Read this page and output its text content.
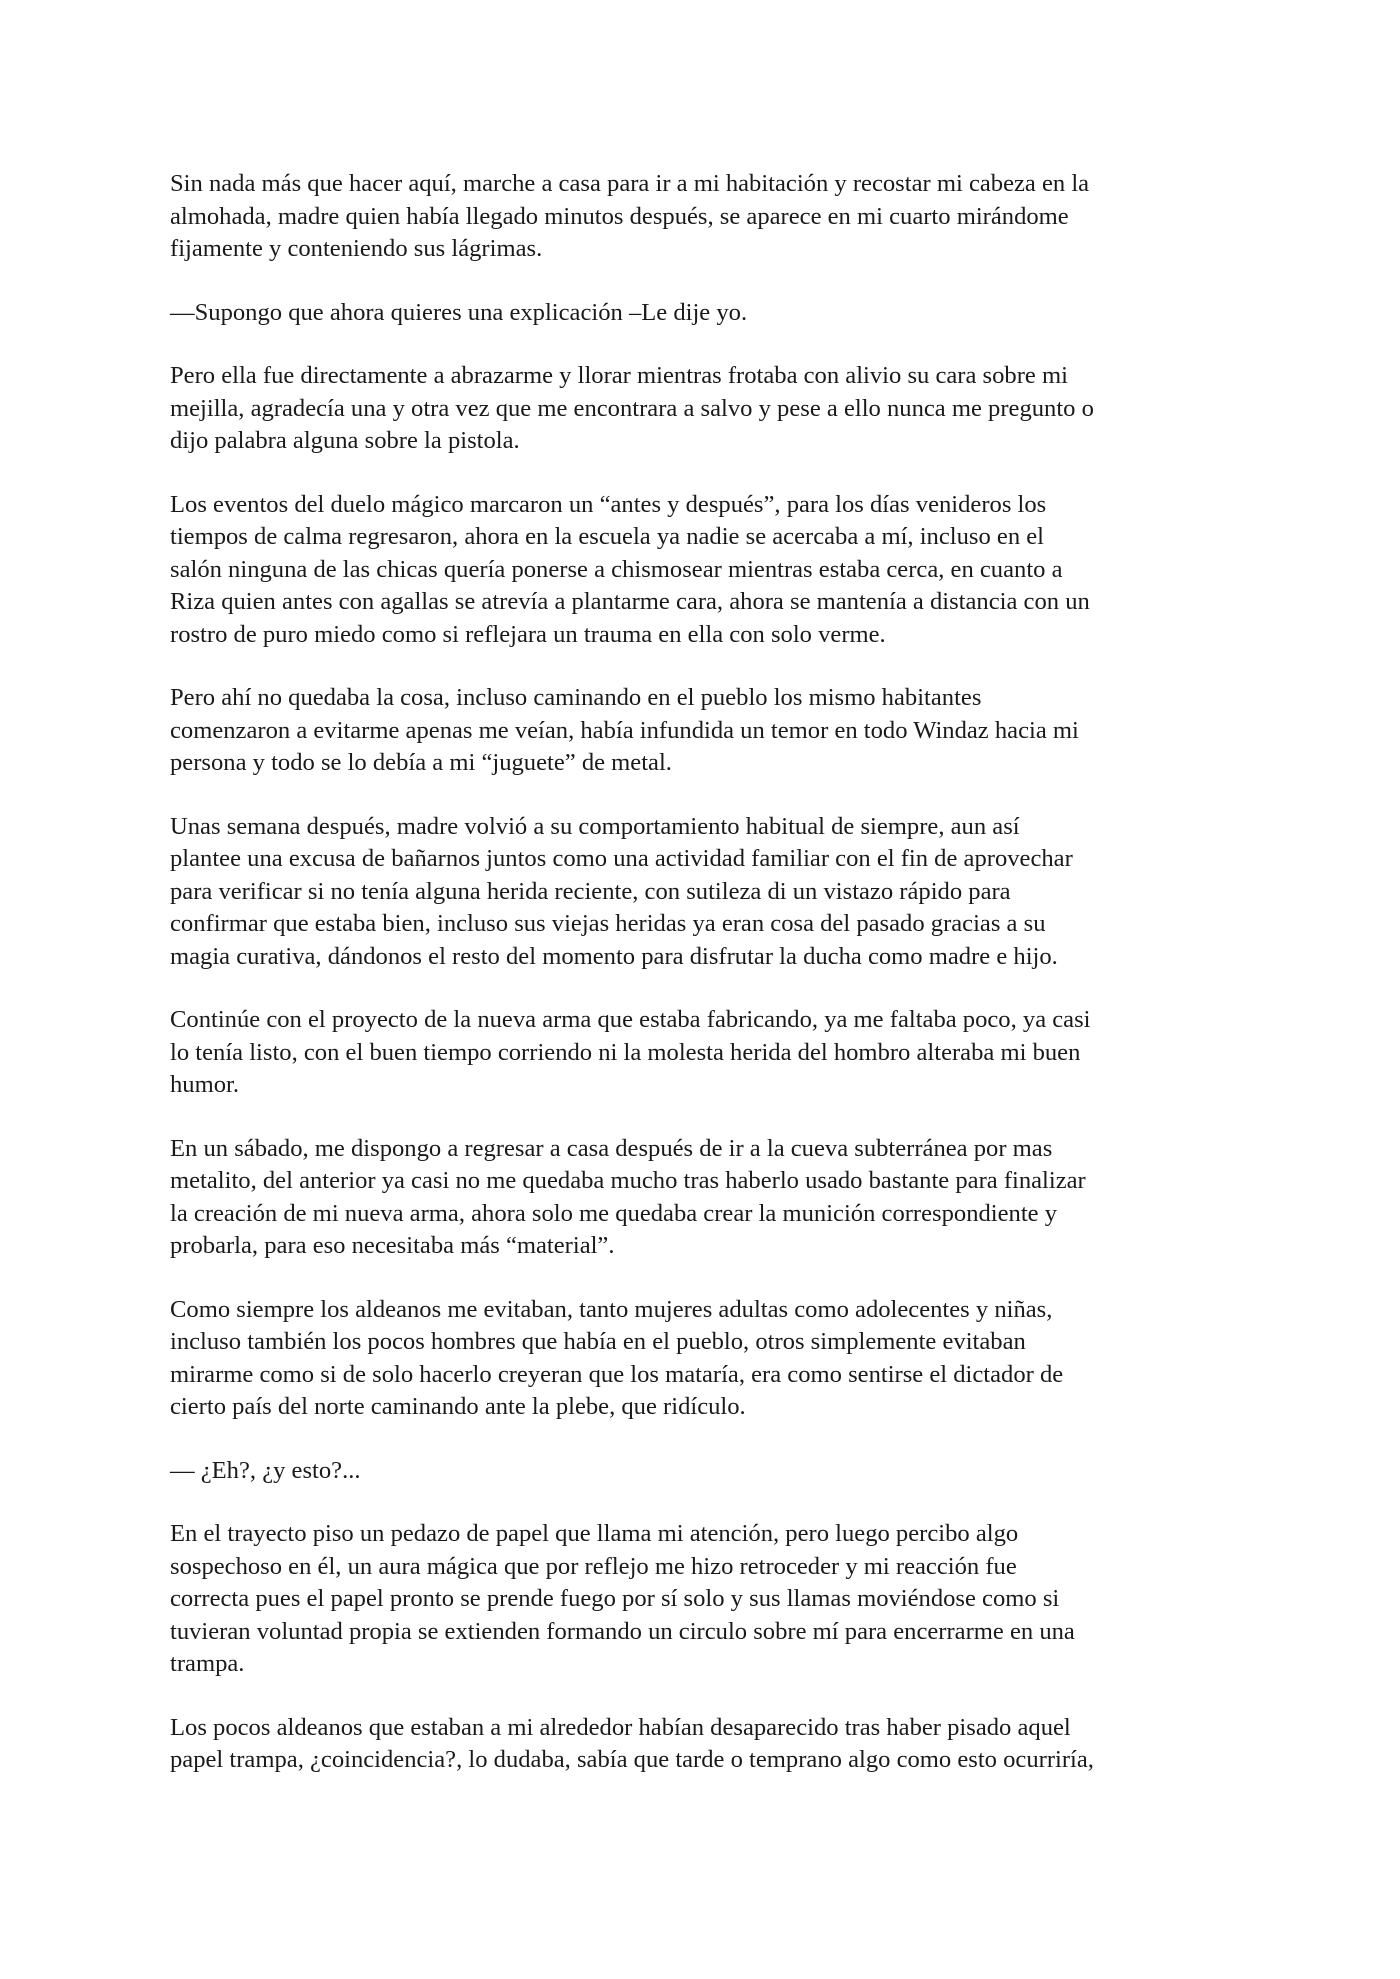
Sin nada más que hacer aquí, marche a casa para ir a mi habitación y recostar mi cabeza en la
almohada, madre quien había llegado minutos después, se aparece en mi cuarto mirándome
fijamente y conteniendo sus lágrimas.

—Supongo que ahora quieres una explicación –Le dije yo.

Pero ella fue directamente a abrazarme y llorar mientras frotaba con alivio su cara sobre mi
mejilla, agradecía una y otra vez que me encontrara a salvo y pese a ello nunca me pregunto o
dijo palabra alguna sobre la pistola.

Los eventos del duelo mágico marcaron un “antes y después”, para los días venideros los
tiempos de calma regresaron, ahora en la escuela ya nadie se acercaba a mí, incluso en el
salón ninguna de las chicas quería ponerse a chismosear mientras estaba cerca, en cuanto a
Riza quien antes con agallas se atrevía a plantarme cara, ahora se mantenía a distancia con un
rostro de puro miedo como si reflejara un trauma en ella con solo verme.

Pero ahí no quedaba la cosa, incluso caminando en el pueblo los mismo habitantes
comenzaron a evitarme apenas me veían, había infundida un temor en todo Windaz hacia mi
persona y todo se lo debía a mi “juguete” de metal.

Unas semana después, madre volvió a su comportamiento habitual de siempre, aun así
plantee una excusa de bañarnos juntos como una actividad familiar con el fin de aprovechar
para verificar si no tenía alguna herida reciente, con sutileza di un vistazo rápido para
confirmar que estaba bien, incluso sus viejas heridas ya eran cosa del pasado gracias a su
magia curativa, dándonos el resto del momento para disfrutar la ducha como madre e hijo.

Continúe con el proyecto de la nueva arma que estaba fabricando, ya me faltaba poco, ya casi
lo tenía listo, con el buen tiempo corriendo ni la molesta herida del hombro alteraba mi buen
humor.

En un sábado, me dispongo a regresar a casa después de ir a la cueva subterránea por mas
metalito, del anterior ya casi no me quedaba mucho tras haberlo usado bastante para finalizar
la creación de mi nueva arma, ahora solo me quedaba crear la munición correspondiente y
probarla, para eso necesitaba más “material”.

Como siempre los aldeanos me evitaban, tanto mujeres adultas como adolecentes y niñas,
incluso también los pocos hombres que había en el pueblo, otros simplemente evitaban
mirarme como si de solo hacerlo creyeran que los mataría, era como sentirse el dictador de
cierto país del norte caminando ante la plebe, que ridículo.

— ¿Eh?, ¿y esto?...

En el trayecto piso un pedazo de papel que llama mi atención, pero luego percibo algo
sospechoso en él, un aura mágica que por reflejo me hizo retroceder y mi reacción fue
correcta pues el papel pronto se prende fuego por sí solo y sus llamas moviéndose como si
tuvieran voluntad propia se extienden formando un circulo sobre mí para encerrarme en una
trampa.

Los pocos aldeanos que estaban a mi alrededor habían desaparecido tras haber pisado aquel
papel trampa, ¿coincidencia?, lo dudaba, sabía que tarde o temprano algo como esto ocurriría,
